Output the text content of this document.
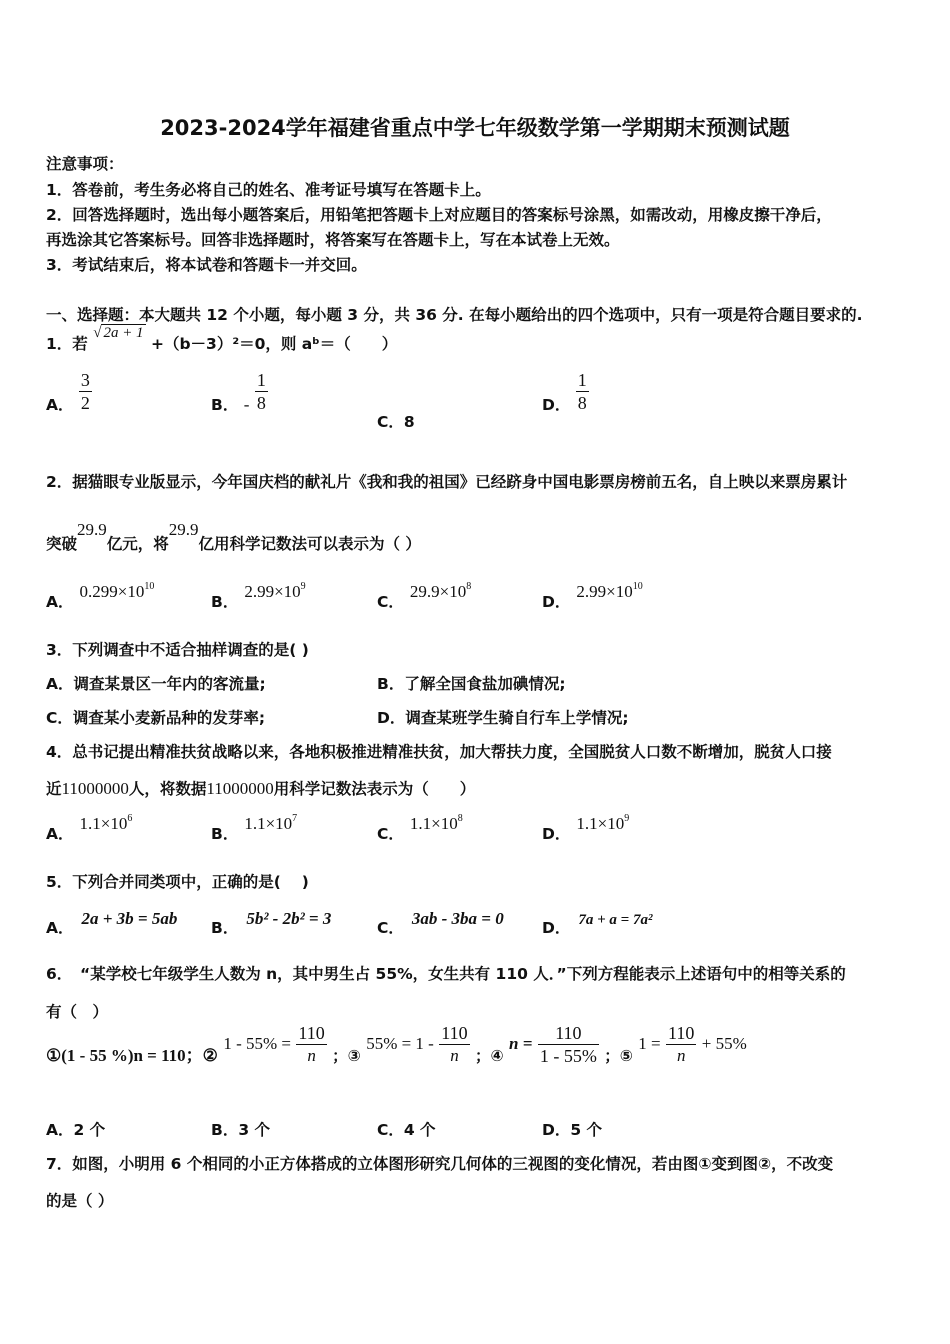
2023-2024学年福建省重点中学七年级数学第一学期期末预测试题
注意事项：
1．答卷前，考生务必将自己的姓名、准考证号填写在答题卡上。
2．回答选择题时，选出每小题答案后，用铅笔把答题卡上对应题目的答案标号涂黑，如需改动，用橡皮擦干净后，
再选涂其它答案标号。回答非选择题时，将答案写在答题卡上，写在本试卷上无效。
3．考试结束后，将本试卷和答题卡一并交回。
一、选择题：本大题共 12 个小题，每小题 3 分，共 36 分. 在每小题给出的四个选项中，只有一项是符合题目要求的.
1．若 √ 2a + 1 +（b－3）²＝0，则 aᵇ＝（　　）
A． $\frac{3}{2}$	B． - $\frac{1}{8}$
C．8
D． $\frac{1}{8}$
2．据猫眼专业版显示，今年国庆档的献礼片《我和我的祖国》已经跻身中国电影票房榜前五名，自上映以来票房累计
突破29.9亿元，将29.9亿用科学记数法可以表示为（ ）
A．$0.299\times 10^{10}$
B．$2.99\times 10^9$
C．$29.9\times 10^8$
D．$2.99\times 10^{10}$
3．下列调查中不适合抽样调查的是( )
A．调查某景区一年内的客流量;	B．了解全国食盐加碘情况;
C．调查某小麦新品种的发芽率;	D．调查某班学生骑自行车上学情况;
4．总书记提出精准扶贫战略以来，各地积极推进精准扶贫，加大帮扶力度，全国脱贫人口数不断增加，脱贫人口接
近11000000人，将数据11000000用科学记数法表示为（　　）
A．$1.1\times 10^6$
B．$1.1\times 10^7$
C．$1.1\times 10^8$
D．$1.1\times 10^9$
5．下列合并同类项中，正确的是(　 )
A． 2a + 3b = 5ab B． 5b² - 2b² = 3	C． 3ab - 3ba = 0 D． 7a + a = 7a²
6．　“某学校七年级学生人数为 n，其中男生占 55%，女生共有 110 人．”下列方程能表示上述语句中的相等关系的
有（　）
①(1 - 55 %)n = 110；② $1 - 55\% = \frac{110}{n}$ ；③ $55\% = 1 - \frac{110}{n}$ ；④ $n = \frac{110}{1 - 55\%}$ ；⑤ $1 = \frac{110}{n} + 55\%$
A．2 个	B．3 个	C．4 个	D．5 个
7．如图，小明用 6 个相同的小正方体搭成的立体图形研究几何体的三视图的变化情况，若由图①变到图②，不改变
的是（ ）
